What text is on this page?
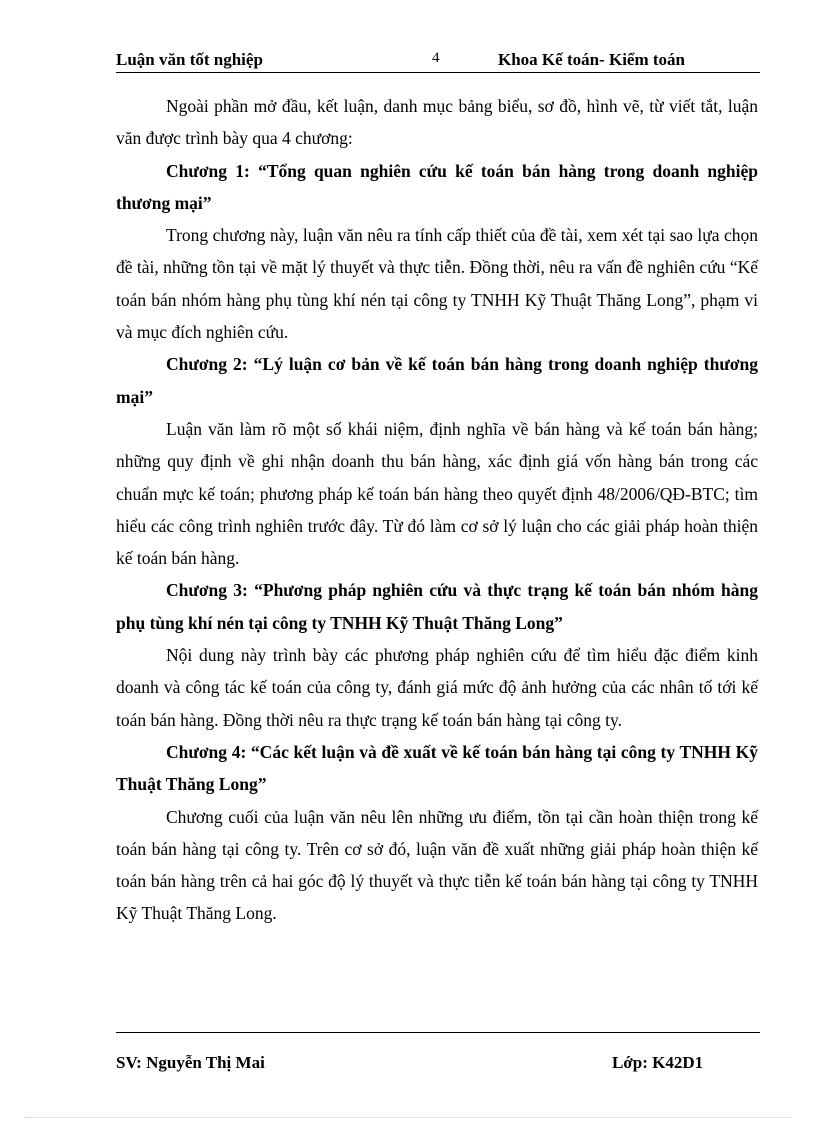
Luận văn tốt nghiệp	4	Khoa Kế toán- Kiểm toán

Ngoài phần mở đầu, kết luận, danh mục bảng biểu, sơ đồ, hình vẽ, từ viết tắt, luận văn được trình bày qua 4 chương:

Chương 1: “Tổng quan nghiên cứu kế toán bán hàng trong doanh nghiệp thương mại”

Trong chương này, luận văn nêu ra tính cấp thiết của đề tài, xem xét tại sao lựa chọn đề tài, những tồn tại về mặt lý thuyết và thực tiễn. Đồng thời, nêu ra vấn đề nghiên cứu “Kế toán bán nhóm hàng phụ tùng khí nén tại công ty TNHH Kỹ Thuật Thăng Long”, phạm vi và mục đích nghiên cứu.

Chương 2: “Lý luận cơ bản về kế toán bán hàng trong doanh nghiệp thương mại”

Luận văn làm rõ một số khái niệm, định nghĩa về bán hàng và kế toán bán hàng; những quy định về ghi nhận doanh thu bán hàng, xác định giá vốn hàng bán trong các chuẩn mực kế toán; phương pháp kế toán bán hàng theo quyết định 48/2006/QĐ-BTC; tìm hiểu các công trình nghiên trước đây. Từ đó làm cơ sở lý luận cho các giải pháp hoàn thiện kế toán bán hàng.

Chương 3: “Phương pháp nghiên cứu và thực trạng kế toán bán nhóm hàng phụ tùng khí nén tại công ty TNHH Kỹ Thuật Thăng Long”

Nội dung này trình bày các phương pháp nghiên cứu để tìm hiểu đặc điểm kinh doanh và công tác kế toán của công ty, đánh giá mức độ ảnh hưởng của các nhân tố tới kế toán bán hàng. Đồng thời nêu ra thực trạng kế toán bán hàng tại công ty.

Chương 4: “Các kết luận và đề xuất về kế toán bán hàng tại công ty TNHH Kỹ Thuật Thăng Long”

Chương cuối của luận văn nêu lên những ưu điểm, tồn tại cần hoàn thiện trong kế toán bán hàng tại công ty. Trên cơ sở đó, luận văn đề xuất những giải pháp hoàn thiện kế toán bán hàng trên cả hai góc độ lý thuyết và thực tiễn kế toán bán hàng tại công ty TNHH Kỹ Thuật Thăng Long.

SV: Nguyễn Thị Mai	Lớp: K42D1
